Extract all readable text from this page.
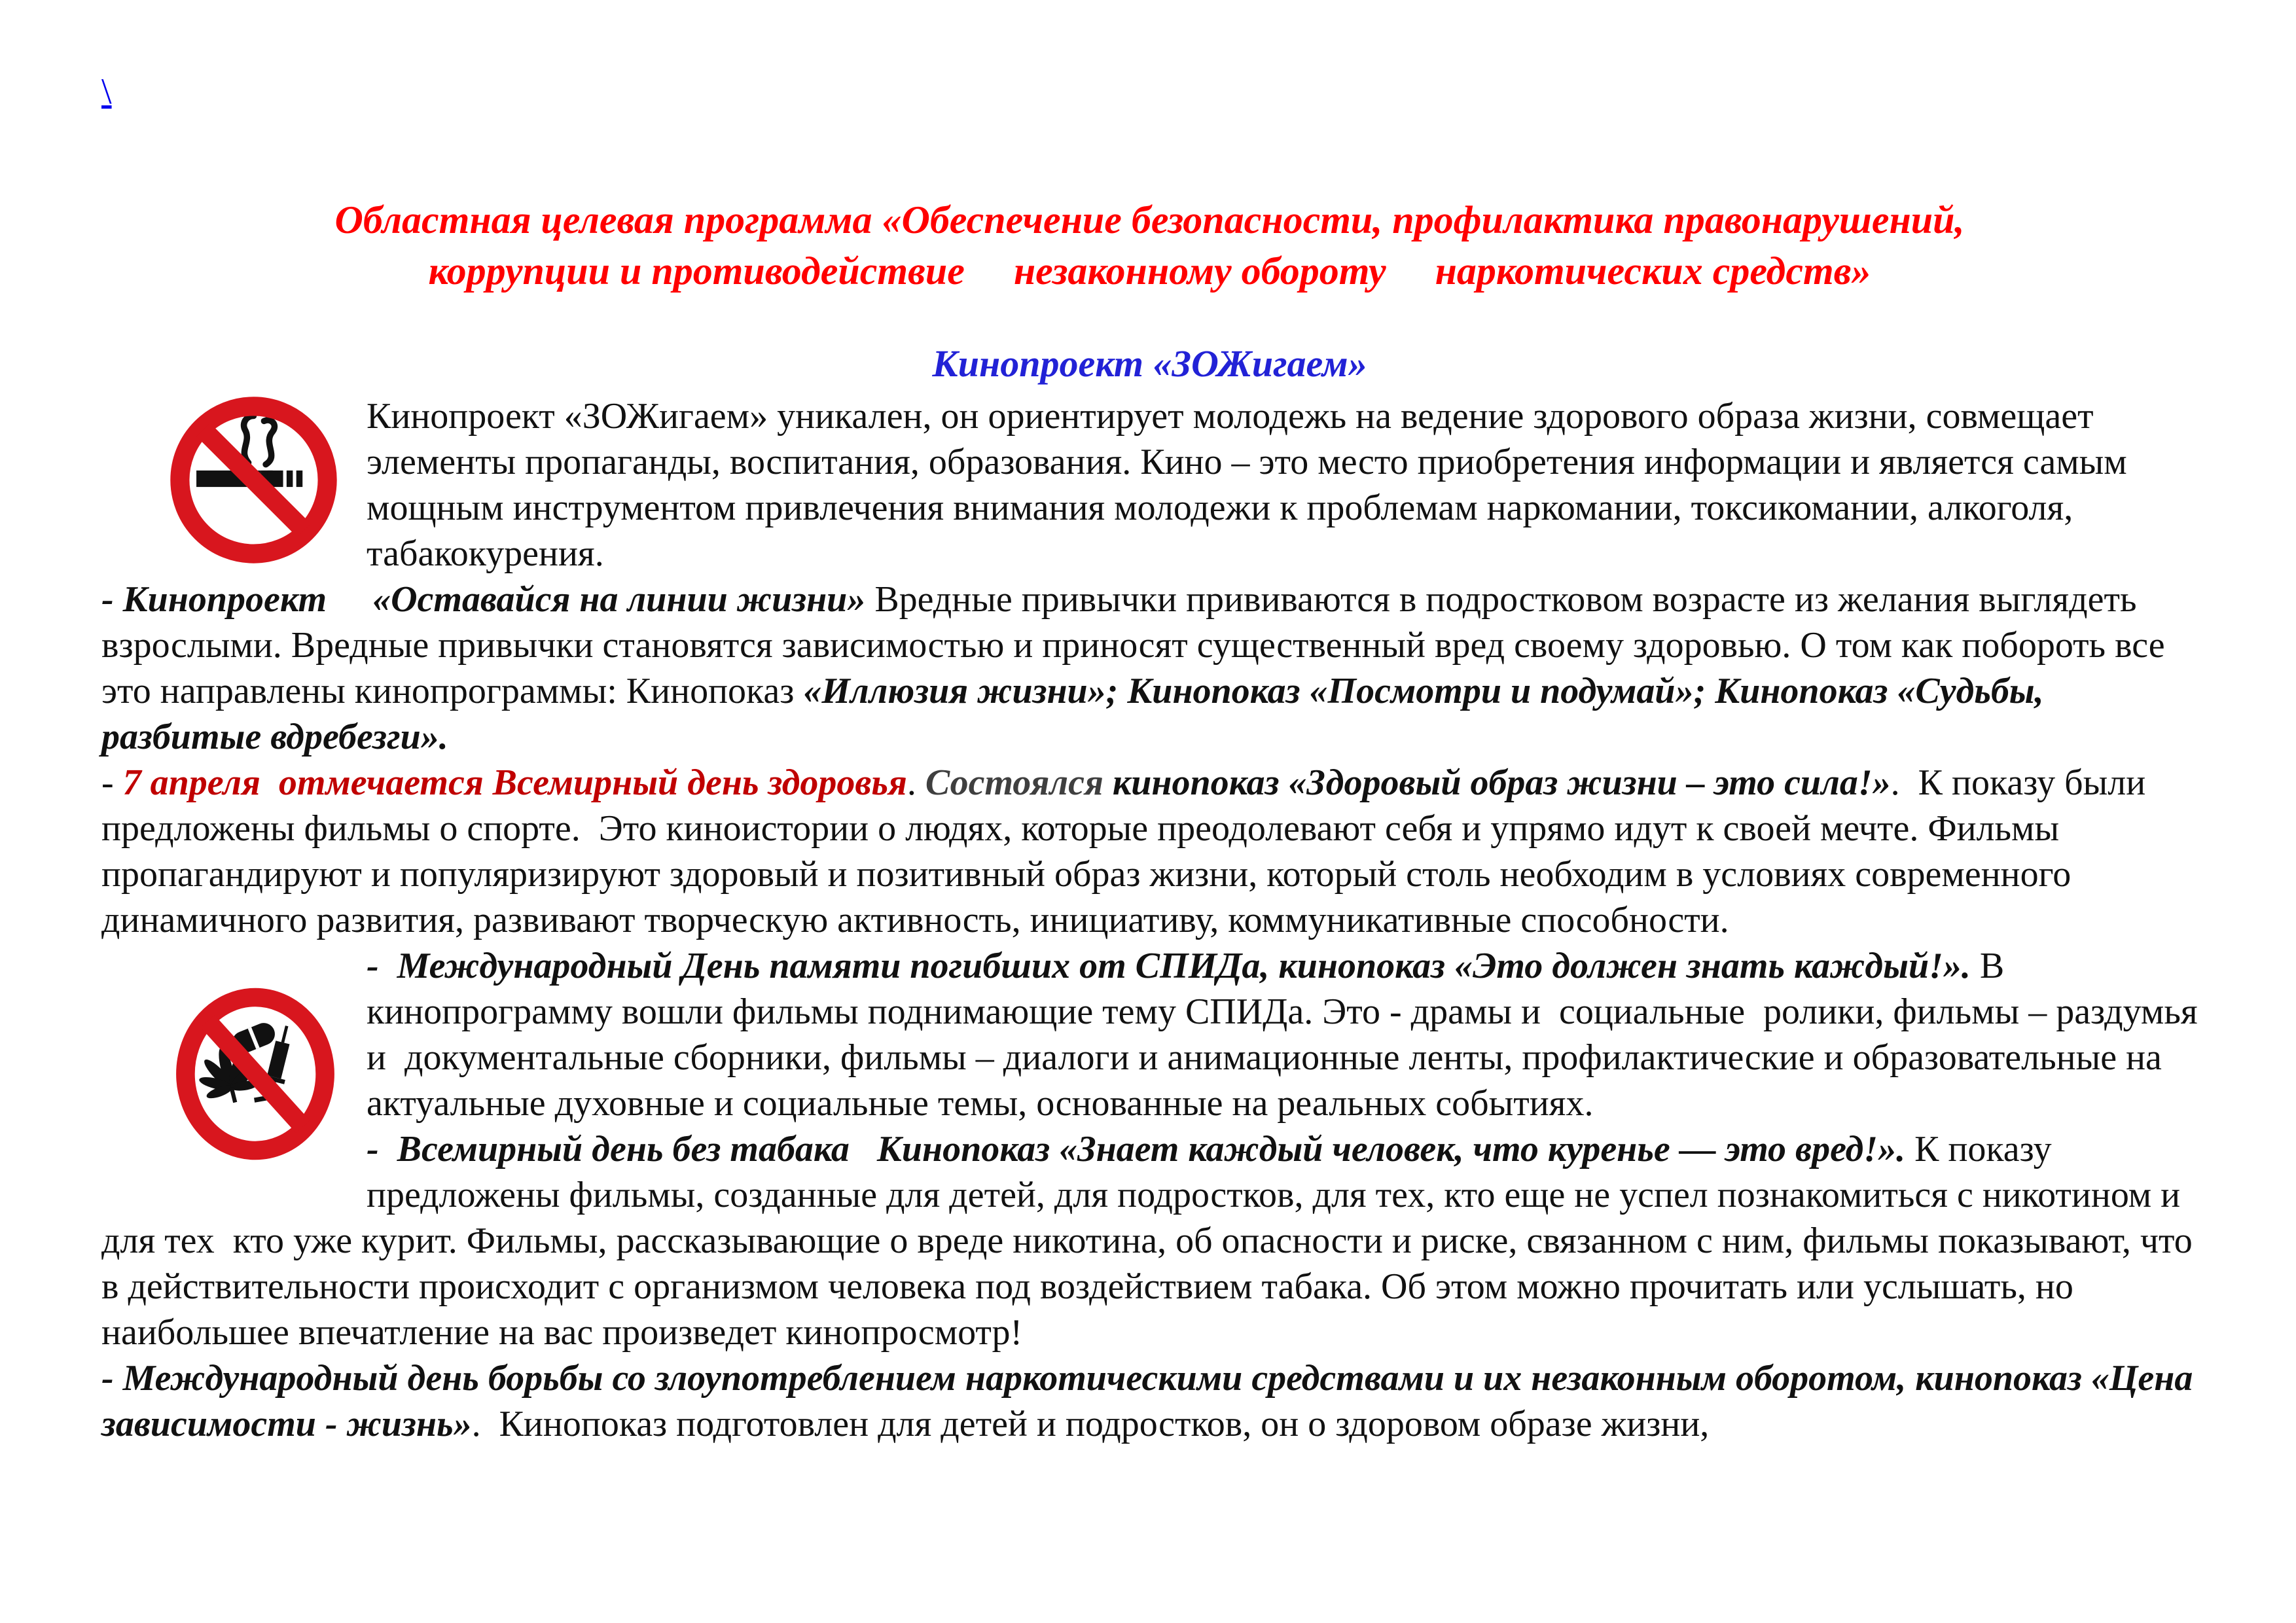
\
Областная целевая программа «Обеспечение безопасности, профилактика правонарушений,
коррупции и противодействие     незаконному обороту     наркотических средств»
Кинопроект «ЗОЖигаем»

Кинопроект «ЗОЖигаем» уникален, он ориентирует молодежь на ведение здорового образа жизни, совмещает элементы пропаганды, воспитания, образования. Кино – это место приобретения информации и является самым мощным инструментом привлечения внимания молодежи к проблемам наркомании, токсикомании, алкоголя, табакокурения.

- Кинопроект     «Оставайся на линии жизни» Вредные привычки прививаются в подростковом возрасте из желания выглядеть взрослыми. Вредные привычки становятся зависимостью и приносят существенный вред своему здоровью. О том как побороть все это направлены кинопрограммы: Кинопоказ «Иллюзия жизни»; Кинопоказ «Посмотри и подумай»; Кинопоказ «Судьбы, разбитые вдребезги».

- 7 апреля  отмечается Всемирный день здоровья. Состоялся кинопоказ «Здоровый образ жизни – это сила!».  К показу были предложены фильмы о спорте.  Это киноистории о людях, которые преодолевают себя и упрямо идут к своей мечте. Фильмы пропагандируют и популяризируют здоровый и позитивный образ жизни, который столь необходим в условиях современного динамичного развития, развивают творческую активность, инициативу, коммуникативные способности.

-  Международный День памяти погибших от СПИДа, кинопоказ «Это должен знать каждый!». В кинопрограмму вошли фильмы поднимающие тему СПИДа. Это - драмы и  социальные  ролики, фильмы – раздумья и  документальные сборники, фильмы – диалоги и анимационные ленты, профилактические и образовательные на актуальные духовные и социальные темы, основанные на реальных событиях.

-  Всемирный день без табака   Кинопоказ «Знает каждый человек, что куренье — это вред!». К показу предложены фильмы, созданные для детей, для подростков, для тех, кто еще не успел познакомиться с никотином и для тех  кто уже курит. Фильмы, рассказывающие о вреде никотина, об опасности и риске, связанном с ним, фильмы показывают, что в действительности происходит с организмом человека под воздействием табака. Об этом можно прочитать или услышать, но наибольшее впечатление на вас произведет кинопросмотр!

- Международный день борьбы со злоупотреблением наркотическими средствами и их незаконным оборотом, кинопоказ «Цена зависимости - жизнь».  Кинопоказ подготовлен для детей и подростков, он о здоровом образе жизни,
